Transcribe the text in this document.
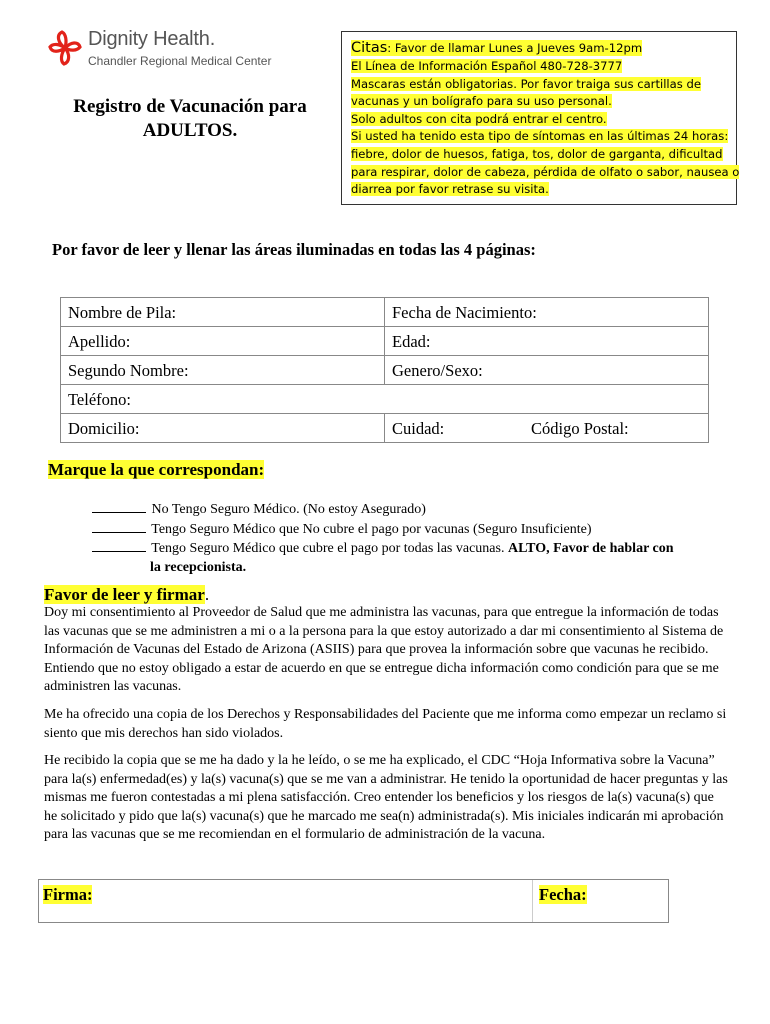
Dignity Health.
Chandler Regional Medical Center
Registro de Vacunación para
ADULTOS.
Citas: Favor de llamar Lunes a Jueves 9am-12pm
El Línea de Información Español 480-728-3777
Mascaras están obligatorias. Por favor traiga sus cartillas de
vacunas y un bolígrafo para su uso personal.
Solo adultos con cita podrá entrar el centro.
Si usted ha tenido esta tipo de síntomas en las últimas 24 horas:
fiebre, dolor de huesos, fatiga, tos, dolor de garganta, dificultad
para respirar, dolor de cabeza, pérdida de olfato o sabor, nausea o
diarrea por favor retrase su visita.
Por favor de leer y llenar las áreas iluminadas en todas las 4 páginas:
Nombre de Pila:	Fecha de Nacimiento:	
Apellido:	Edad:	
Segundo Nombre:	Genero/Sexo:	
Teléfono:		
Domicilio:	Cuidad:	Código Postal:
Marque la que correspondan:
No Tengo Seguro Médico. (No estoy Asegurado)
Tengo Seguro Médico que No cubre el pago por vacunas (Seguro Insuficiente)
Tengo Seguro Médico que cubre el pago por todas las vacunas. ALTO, Favor de hablar con
la recepcionista.
Favor de leer y firmar.
Doy mi consentimiento al Proveedor de Salud que me administra las vacunas, para que entregue la información de todas las vacunas que se me administren a mi o a la persona para la que estoy autorizado a dar mi consentimiento al Sistema de Información de Vacunas del Estado de Arizona (ASIIS) para que provea la información sobre que vacunas he recibido. Entiendo que no estoy obligado a estar de acuerdo en que se entregue dicha información como condición para que se me administren las vacunas.
Me ha ofrecido una copia de los Derechos y Responsabilidades del Paciente que me informa como empezar un reclamo si siento que mis derechos han sido violados.
He recibido la copia que se me ha dado y la he leído, o se me ha explicado, el CDC “Hoja Informativa sobre la Vacuna” para la(s) enfermedad(es) y la(s) vacuna(s) que se me van a administrar. He tenido la oportunidad de hacer preguntas y las mismas me fueron contestadas a mi plena satisfacción. Creo entender los beneficios y los riesgos de la(s) vacuna(s) que he solicitado y pido que la(s) vacuna(s) que he marcado me sea(n) administrada(s). Mis iniciales indicarán mi aprobación para las vacunas que se me recomiendan en el formulario de administración de la vacuna.
Firma:	Fecha:
